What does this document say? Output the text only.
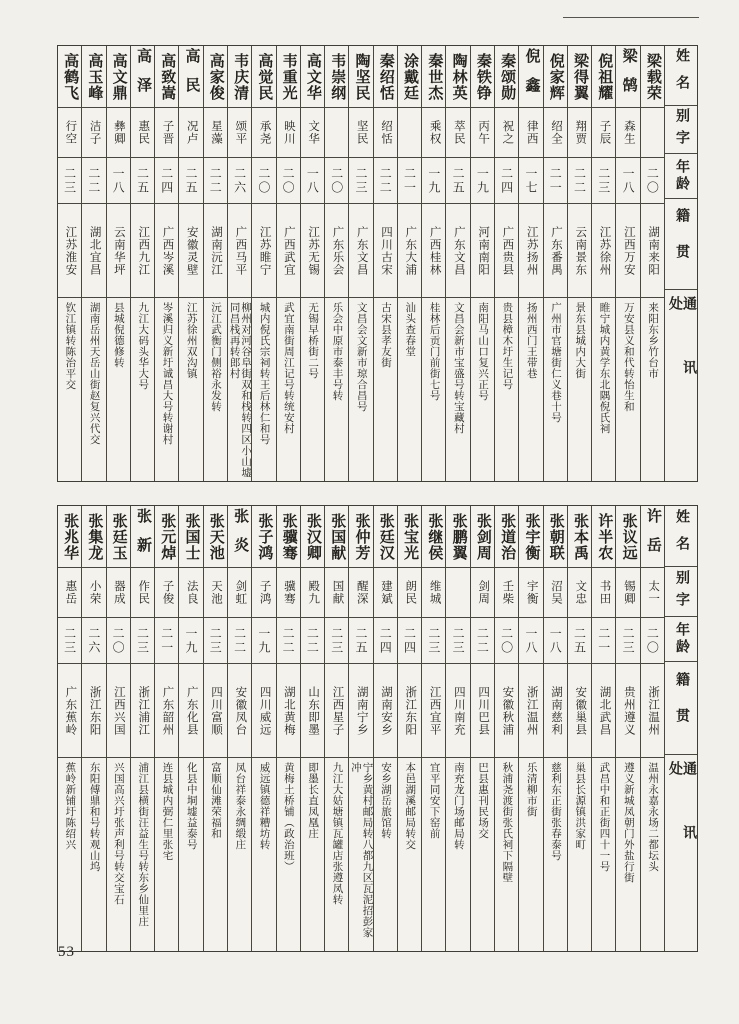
姓名
别字
年龄
籍贯
通讯处
梁载荣
二〇
湖南来阳
来阳东乡竹台市
梁鹄
森生
一八
江西万安
万安县义和代转怡生和
倪祖耀
子辰
二三
江苏徐州
睢宁城内黄学东北隅倪氏祠
梁得翼
翔贾
二二
云南景东
景东县城内大街
倪家辉
绍全
二一
广东番禺
广州市官塘街仁义巷十号
倪鑫
律西
一七
江苏扬州
扬州西门王带巷
秦颂勋
祝之
二四
广西贵县
贵县樟木圩生记号
秦铁铮
丙午
一九
河南南阳
南阳马山口复兴正号
陶林英
萃民
二五
广东文昌
文昌会新市宝盛号转宝藏村
秦世杰
乘权
一九
广西桂林
桂林后贡门前街七号
涂戴廷
二一
广东大浦
汕头查春堂
秦绍恬
绍恬
二二
四川古宋
古宋县孝友街
陶坚民
坚民
二三
广东文昌
文昌会文新市琼合昌号
韦崇纲
二〇
广东乐会
乐会中原市泰丰号转
高文华
文华
一八
江苏无锡
无锡早桥街二号
韦重光
映川
二〇
广西武宜
武宜南街周江记号转统安村
高觉民
承尧
二〇
江苏睢宁
城内倪氏宗祠转王后林仁和号
韦庆清
颂平
二六
广西马平
柳州对河谷阜街双和栈转四区小山墟同昌栈再转郎村
高家俊
星藻
二二
湖南沅江
沅江武衡门侧裕永发转
高民
况卢
二五
安徽灵壁
江苏徐州双沟镇
高致嵩
子晋
二四
广西岑溪
岑溪归义新圩诚昌大号转谢村
高泽
惠民
二五
江西九江
九江大码头华大号
高文鼎
彝卿
一八
云南华坪
县城倪德修转
高玉峰
洁子
二二
湖北宜昌
湖南岳州天岳山街赵复兴代交
高鹤飞
行空
二三
江苏淮安
钦江镇转陈治平交
姓名
别字
年龄
籍贯
通讯处
许岳
太一
二〇
浙江温州
温州永嘉永场二都坛头
张议远
锡卿
二三
贵州遵义
遵义新城凤朝门外盐行街
许半农
书田
二一
湖北武昌
武昌中和正街四十一号
张本禹
文忠
二五
安徽巢县
巢县长源镇洪家町
张朝联
沼吴
一八
湖南慈利
慈利东正街张春泰号
张宇衡
宇衡
一八
浙江温州
乐清柳市街
张道治
壬柴
二〇
安徽秋浦
秋浦尧渡街张氏祠下隔壁
张剑周
剑周
二二
四川巴县
巴县惠刊民场交
张鹏翼
二三
四川南充
南充龙门场邮局转
张继侯
维城
二三
江西宜平
宜平同安下窑前
张宝光
朗民
二四
浙江东阳
本邑湖溪邮局转交
张廷汉
建斌
二四
湖南安乡
安乡湖岳旅馆转
张仲芳
醒深
二五
湖南宁乡
宁乡黄村邮局转八都九区瓦泥招彭家冲
张国献
国献
二三
江西星子
九江大姑塘镇瓦罐店张遵凤转
张汉卿
殿九
二二
山东即墨
即墨长直凤凰庄
张骥骞
骥骞
二二
湖北黄梅
黄梅土桥铺（政治班）
张子鸿
子鸿
一九
四川威远
威远镇德祥糟坊转
张炎
剑虹
二二
安徽凤台
凤台祥泰永绸缎庄
张天池
天池
二三
四川富顺
富顺仙滩荣福和
张国士
法良
一九
广东化县
化县中垌墟益泰号
张元焯
子俊
二一
广东韶州
连县城内弼仁里张宅
张新
作民
二三
浙江浦江
浦江县横街汪益生号转东乡仙里庄
张廷玉
器成
二〇
江西兴国
兴国高兴圩张声利号转交宝石
张集龙
小荣
二六
浙江东阳
东阳傅鼎和号转观山坞
张兆华
惠岳
二三
广东蕉岭
蕉岭新铺圩陈绍兴
53
